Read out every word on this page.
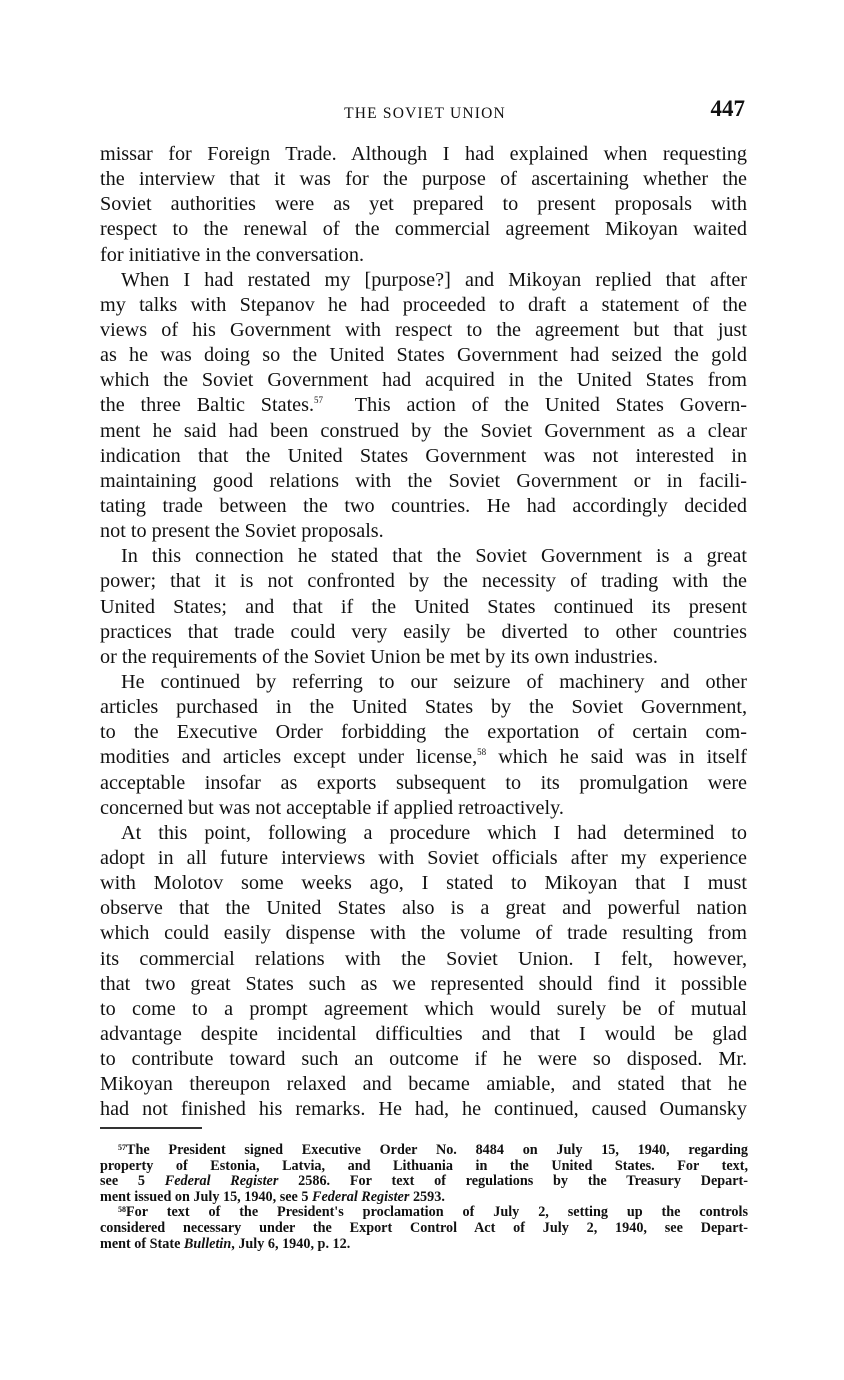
THE SOVIET UNION	447
missar for Foreign Trade. Although I had explained when requesting
the interview that it was for the purpose of ascertaining whether the
Soviet authorities were as yet prepared to present proposals with
respect to the renewal of the commercial agreement Mikoyan waited
for initiative in the conversation.
When I had restated my [purpose?] and Mikoyan replied that after
my talks with Stepanov he had proceeded to draft a statement of the
views of his Government with respect to the agreement but that just
as he was doing so the United States Government had seized the gold
which the Soviet Government had acquired in the United States from
the three Baltic States.$^{57}$ This action of the United States Govern-
ment he said had been construed by the Soviet Government as a clear
indication that the United States Government was not interested in
maintaining good relations with the Soviet Government or in facili-
tating trade between the two countries. He had accordingly decided
not to present the Soviet proposals.
In this connection he stated that the Soviet Government is a great
power; that it is not confronted by the necessity of trading with the
United States; and that if the United States continued its present
practices that trade could very easily be diverted to other countries
or the requirements of the Soviet Union be met by its own industries.
He continued by referring to our seizure of machinery and other
articles purchased in the United States by the Soviet Government,
to the Executive Order forbidding the exportation of certain com-
modities and articles except under license,$^{58}$ which he said was in itself
acceptable insofar as exports subsequent to its promulgation were
concerned but was not acceptable if applied retroactively.
At this point, following a procedure which I had determined to
adopt in all future interviews with Soviet officials after my experience
with Molotov some weeks ago, I stated to Mikoyan that I must
observe that the United States also is a great and powerful nation
which could easily dispense with the volume of trade resulting from
its commercial relations with the Soviet Union. I felt, however,
that two great States such as we represented should find it possible
to come to a prompt agreement which would surely be of mutual
advantage despite incidental difficulties and that I would be glad
to contribute toward such an outcome if he were so disposed. Mr.
Mikoyan thereupon relaxed and became amiable, and stated that he
had not finished his remarks. He had, he continued, caused Oumansky
$^{57}$The President signed Executive Order No. 8484 on July 15, 1940, regarding
property of Estonia, Latvia, and Lithuania in the United States. For text,
see 5 Federal Register 2586. For text of regulations by the Treasury Depart-
ment issued on July 15, 1940, see 5 Federal Register 2593.
$^{58}$For text of the President's proclamation of July 2, setting up the controls
considered necessary under the Export Control Act of July 2, 1940, see Depart-
ment of State Bulletin, July 6, 1940, p. 12.
